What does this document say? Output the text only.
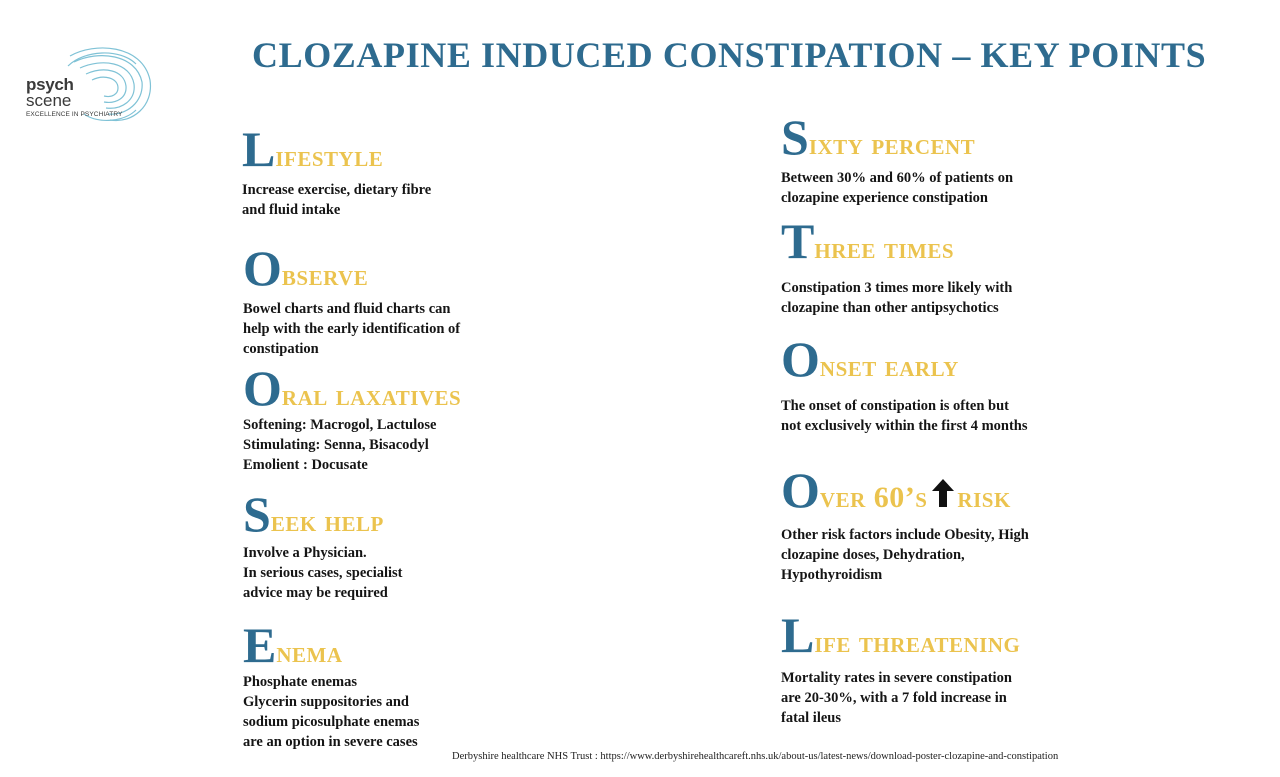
psych
scene
EXCELLENCE IN PSYCHIATRY
CLOZAPINE INDUCED CONSTIPATION – KEY POINTS
Lifestyle
Increase exercise, dietary fibre
and fluid intake
Observe
Bowel charts and fluid charts can
help with the early identification of
constipation
Oral laxatives
Softening: Macrogol, Lactulose
Stimulating: Senna, Bisacodyl
Emolient : Docusate
Seek help
Involve a Physician.
In serious cases, specialist
advice may be required
Enema
Phosphate enemas
Glycerin suppositories and
sodium picosulphate enemas
are an option in severe cases
Sixty percent
Between 30% and 60% of patients on
clozapine experience constipation
Three times
Constipation 3 times more likely with
clozapine than other antipsychotics
Onset early
The onset of constipation is often but
not exclusively within the first 4 months
Over 60’s risk
Other risk factors include Obesity, High
clozapine doses, Dehydration,
Hypothyroidism
Life threatening
Mortality rates in severe constipation
are 20-30%, with a 7 fold increase in
fatal ileus
Derbyshire healthcare NHS Trust : https://www.derbyshirehealthcareft.nhs.uk/about-us/latest-news/download-poster-clozapine-and-constipation
